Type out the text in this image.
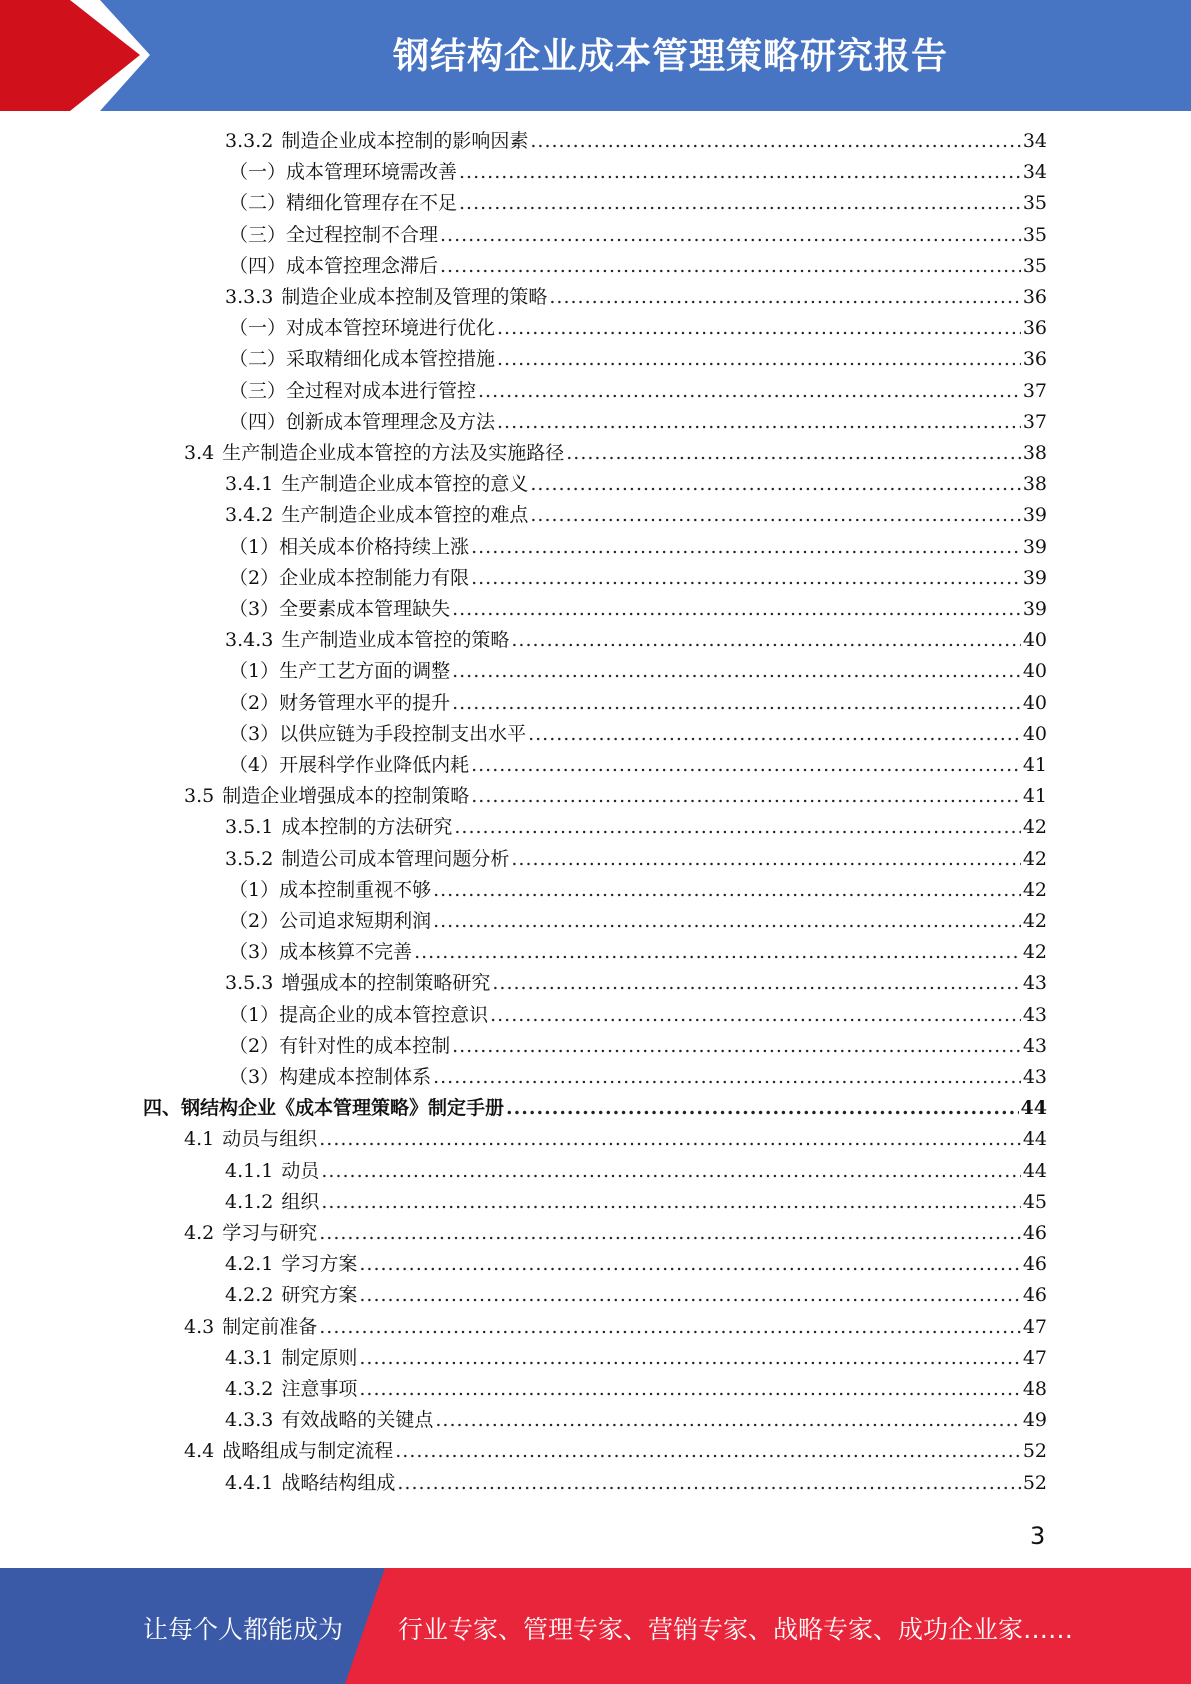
钢结构企业成本管理策略研究报告
3.3.2 制造企业成本控制的影响因素 .....	34
（一）成本管理环境需改善 .....	34
（二）精细化管理存在不足 .....	35
（三）全过程控制不合理 .....	35
（四）成本管控理念滞后 .....	35
3.3.3 制造企业成本控制及管理的策略 .....	36
（一）对成本管控环境进行优化 .....	36
（二）采取精细化成本管控措施 .....	36
（三）全过程对成本进行管控 .....	37
（四）创新成本管理理念及方法 .....	37
3.4 生产制造企业成本管控的方法及实施路径 .....	38
3.4.1 生产制造企业成本管控的意义 .....	38
3.4.2 生产制造企业成本管控的难点 .....	39
（1）相关成本价格持续上涨 .....	39
（2）企业成本控制能力有限 .....	39
（3）全要素成本管理缺失 .....	39
3.4.3 生产制造业成本管控的策略 .....	40
（1）生产工艺方面的调整 .....	40
（2）财务管理水平的提升 .....	40
（3）以供应链为手段控制支出水平 .....	40
（4）开展科学作业降低内耗 .....	41
3.5 制造企业增强成本的控制策略 .....	41
3.5.1 成本控制的方法研究 .....	42
3.5.2 制造公司成本管理问题分析 .....	42
（1）成本控制重视不够 .....	42
（2）公司追求短期利润 .....	42
（3）成本核算不完善 .....	42
3.5.3 增强成本的控制策略研究 .....	43
（1）提高企业的成本管控意识 .....	43
（2）有针对性的成本控制 .....	43
（3）构建成本控制体系 .....	43
四、钢结构企业《成本管理策略》制定手册 .....	44
4.1 动员与组织 .....	44
4.1.1 动员 .....	44
4.1.2 组织 .....	45
4.2 学习与研究 .....	46
4.2.1 学习方案 .....	46
4.2.2 研究方案 .....	46
4.3 制定前准备 .....	47
4.3.1 制定原则 .....	47
4.3.2 注意事项 .....	48
4.3.3 有效战略的关键点 .....	49
4.4 战略组成与制定流程 .....	52
4.4.1 战略结构组成 .....	52
3
让每个人都能成为 行业专家、管理专家、营销专家、战略专家、成功企业家……
